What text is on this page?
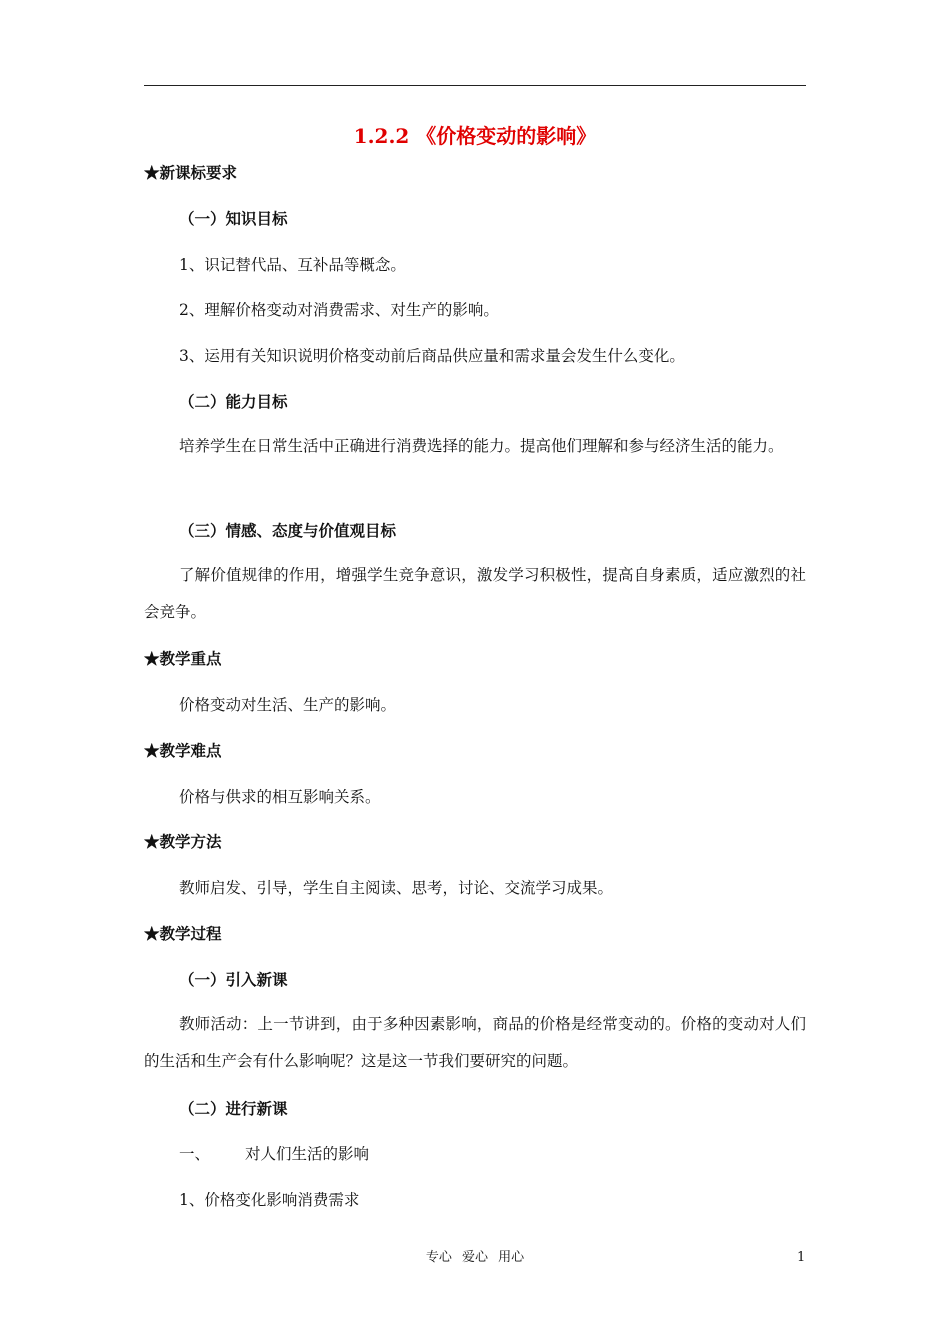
1.2.2 《价格变动的影响》
★新课标要求
（一）知识目标
1、识记替代品、互补品等概念。
2、理解价格变动对消费需求、对生产的影响。
3、运用有关知识说明价格变动前后商品供应量和需求量会发生什么变化。
（二）能力目标

培养学生在日常生活中正确进行消费选择的能力。提高他们理解和参与经济生活的能力。

（三）情感、态度与价值观目标

了解价值规律的作用，增强学生竞争意识，激发学习积极性，提高自身素质，适应激烈的社会竞争。

★教学重点
价格变动对生活、生产的影响。
★教学难点
价格与供求的相互影响关系。
★教学方法
教师启发、引导，学生自主阅读、思考，讨论、交流学习成果。
★教学过程
（一）引入新课

教师活动：上一节讲到，由于多种因素影响，商品的价格是经常变动的。价格的变动对人们的生活和生产会有什么影响呢？这是这一节我们要研究的问题。

（二）进行新课
一、 对人们生活的影响
1、价格变化影响消费需求
专心 爱心 用心	1
